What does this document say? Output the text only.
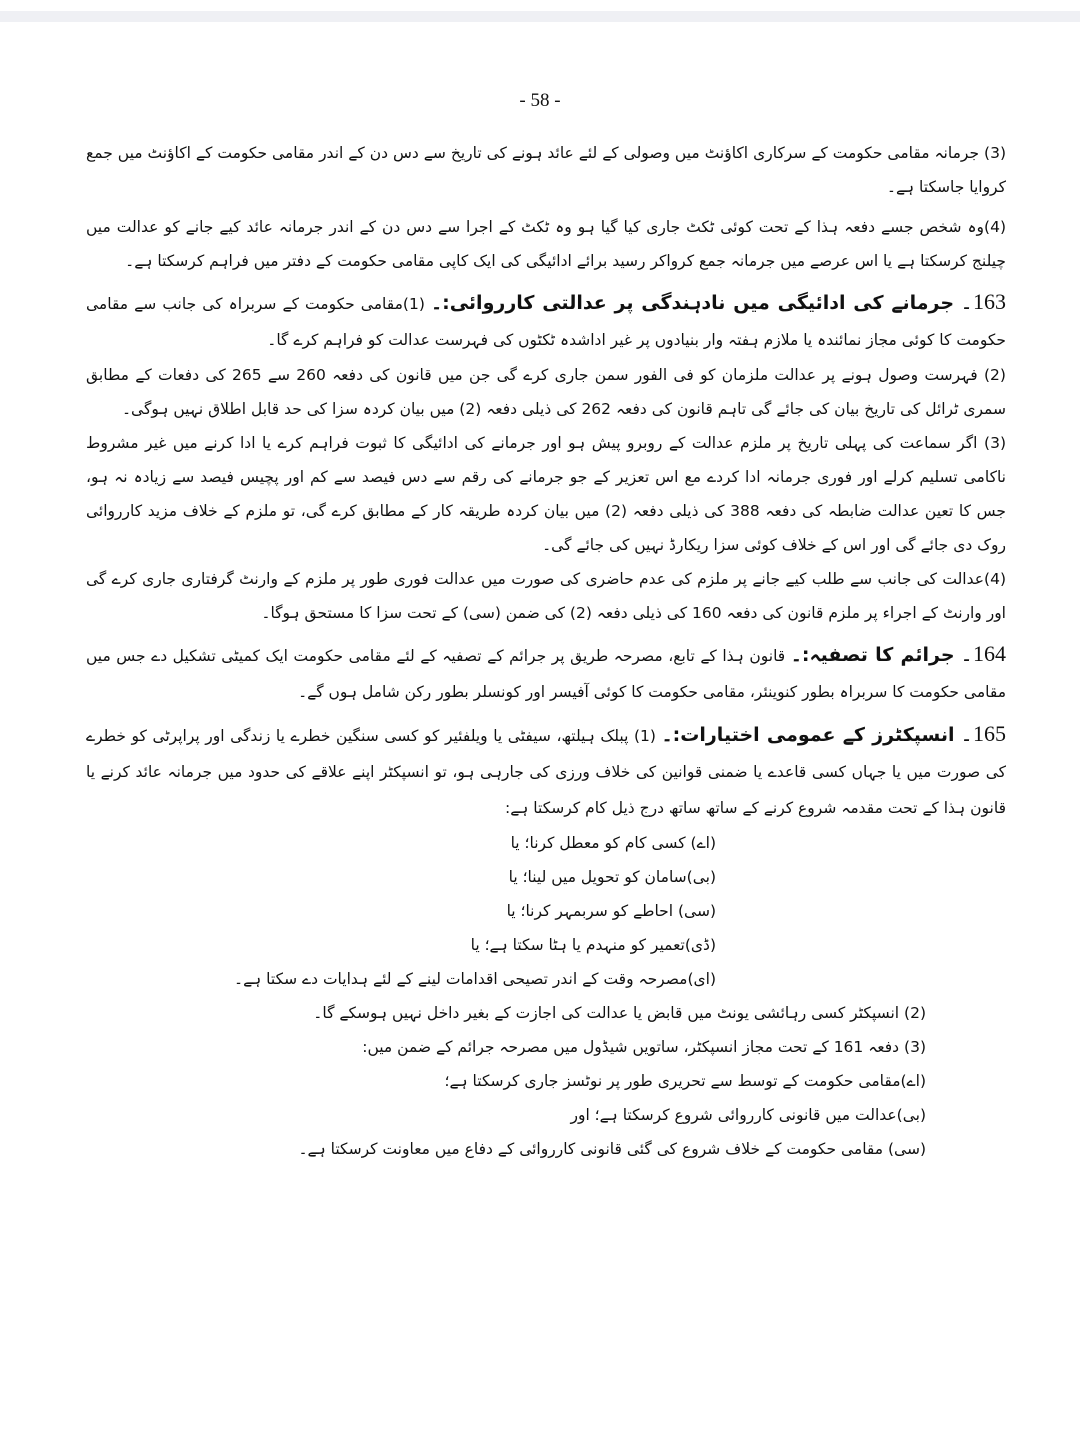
- 58 -

(3) جرمانہ مقامی حکومت کے سرکاری اکاؤنٹ میں وصولی کے لئے عائد ہونے کی تاریخ سے دس دن کے اندر مقامی حکومت کے اکاؤنٹ میں جمع کروایا جاسکتا ہے۔

(4)وہ شخص جسے دفعہ ہذا کے تحت کوئی ٹکٹ جاری کیا گیا ہو وہ ٹکٹ کے اجرا سے دس دن کے اندر جرمانہ عائد کیے جانے کو عدالت میں چیلنج کرسکتا ہے یا اس عرصے میں جرمانہ جمع کرواکر رسید برائے ادائیگی کی ایک کاپی مقامی حکومت کے دفتر میں فراہم کرسکتا ہے۔

163۔ جرمانے کی ادائیگی میں نادہندگی پر عدالتی کارروائی:۔ (1)مقامی حکومت کے سربراہ کی جانب سے مقامی حکومت کا کوئی مجاز نمائندہ یا ملازم ہفتہ وار بنیادوں پر غیر اداشدہ ٹکٹوں کی فہرست عدالت کو فراہم کرے گا۔

(2) فہرست وصول ہونے پر عدالت ملزمان کو فی الفور سمن جاری کرے گی جن میں قانون کی دفعہ 260 سے 265 کی دفعات کے مطابق سمری ٹرائل کی تاریخ بیان کی جائے گی تاہم قانون کی دفعہ 262 کی ذیلی دفعہ (2) میں بیان کردہ سزا کی حد قابل اطلاق نہیں ہوگی۔

(3) اگر سماعت کی پہلی تاریخ پر ملزم عدالت کے روبرو پیش ہو اور جرمانے کی ادائیگی کا ثبوت فراہم کرے یا ادا کرنے میں غیر مشروط ناکامی تسلیم کرلے اور فوری جرمانہ ادا کردے مع اس تعزیر کے جو جرمانے کی رقم سے دس فیصد سے کم اور پچیس فیصد سے زیادہ نہ ہو، جس کا تعین عدالت ضابطہ کی دفعہ 388 کی ذیلی دفعہ (2) میں بیان کردہ طریقہ کار کے مطابق کرے گی، تو ملزم کے خلاف مزید کارروائی روک دی جائے گی اور اس کے خلاف کوئی سزا ریکارڈ نہیں کی جائے گی۔

(4)عدالت کی جانب سے طلب کیے جانے پر ملزم کی عدم حاضری کی صورت میں عدالت فوری طور پر ملزم کے وارنٹ گرفتاری جاری کرے گی اور وارنٹ کے اجراء پر ملزم قانون کی دفعہ 160 کی ذیلی دفعہ (2) کی ضمن (سی) کے تحت سزا کا مستحق ہوگا۔

164۔ جرائم کا تصفیہ:۔ قانون ہذا کے تابع، مصرحہ طریق پر جرائم کے تصفیہ کے لئے مقامی حکومت ایک کمیٹی تشکیل دے جس میں مقامی حکومت کا سربراہ بطور کنوینئر، مقامی حکومت کا کوئی آفیسر اور کونسلر بطور رکن شامل ہوں گے۔

165۔ انسپکٹرز کے عمومی اختیارات:۔ (1) پبلک ہیلتھ، سیفٹی یا ویلفئیر کو کسی سنگین خطرے یا زندگی اور پراپرٹی کو خطرے کی صورت میں یا جہاں کسی قاعدے یا ضمنی قوانین کی خلاف ورزی کی جارہی ہو، تو انسپکٹر اپنے علاقے کی حدود میں جرمانہ عائد کرنے یا قانون ہذا کے تحت مقدمہ شروع کرنے کے ساتھ ساتھ درج ذیل کام کرسکتا ہے:

(اے) کسی کام کو معطل کرنا؛ یا
(بی)سامان کو تحویل میں لینا؛ یا
(سی) احاطے کو سربمہر کرنا؛ یا
(ڈی)تعمیر کو منہدم یا ہٹا سکتا ہے؛ یا
(ای)مصرحہ وقت کے اندر تصیحی اقدامات لینے کے لئے ہدایات دے سکتا ہے۔
(2) انسپکٹر کسی رہائشی یونٹ میں قابض یا عدالت کی اجازت کے بغیر داخل نہیں ہوسکے گا۔
(3) دفعہ 161 کے تحت مجاز انسپکٹر، ساتویں شیڈول میں مصرحہ جرائم کے ضمن میں:
(اے)مقامی حکومت کے توسط سے تحریری طور پر نوٹسز جاری کرسکتا ہے؛
(بی)عدالت میں قانونی کارروائی شروع کرسکتا ہے؛ اور
(سی) مقامی حکومت کے خلاف شروع کی گئی قانونی کارروائی کے دفاع میں معاونت کرسکتا ہے۔
